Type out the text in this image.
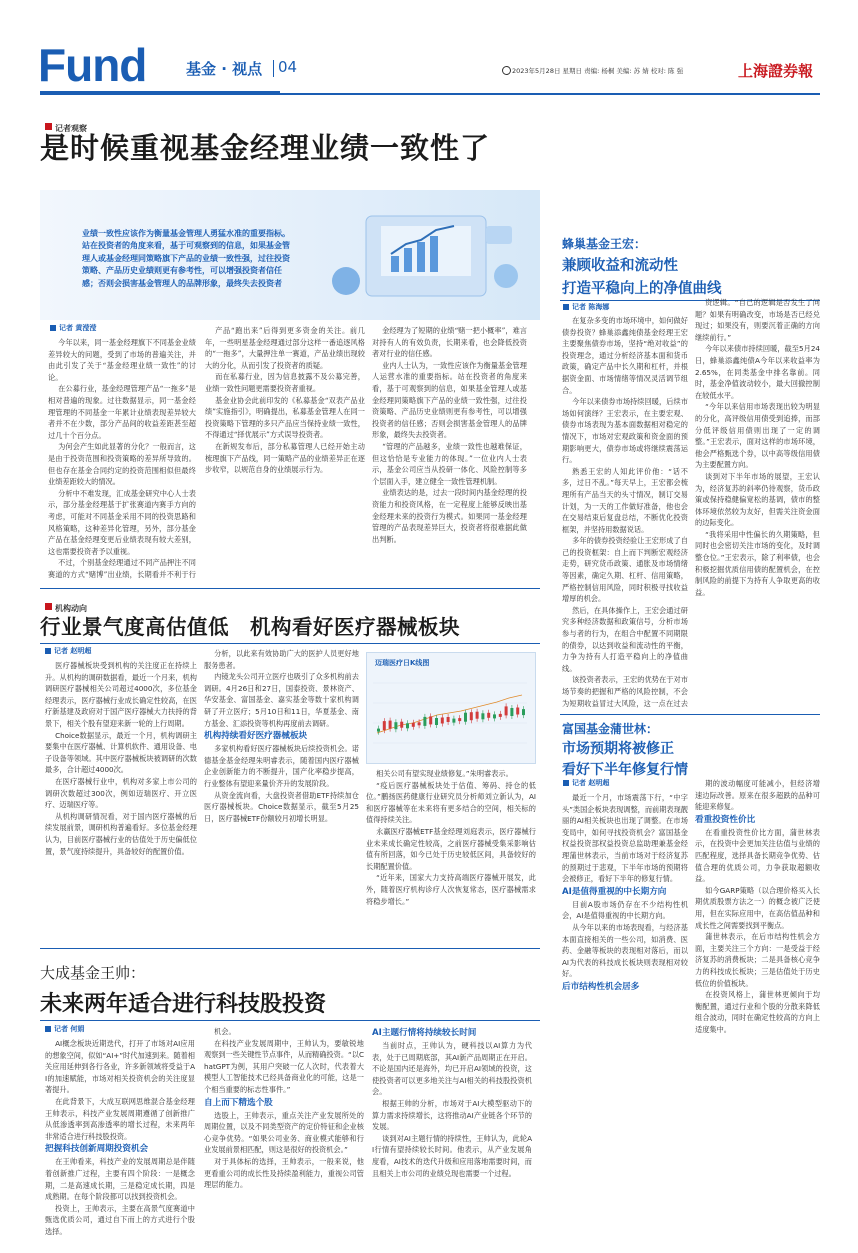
Fund	基金 · 视点 04	2023年5月28日 星期日 责编: 杨桐 美编: 苏 婧 校对: 陈 强	上海證券報
记者观察
是时候重视基金经理业绩一致性了
业绩一致性应该作为衡量基金管理人勇猛水准的重要指标。站在投资者的角度来看，基于可观察到的信息，如果基金管理人或基金经理同策略旗下产品的业绩一致性强，过往投资策略、产品历史业绩则更有参考性，可以增强投资者信任感；否则会损害基金管理人的品牌形象，最终失去投资者
记者 黄滢滢

今年以来，同一基金经理旗下不同基金业绩差异较大的问题，受到了市场的普遍关注，并由此引发了关于“基金经理业绩一致性”的讨论。

在公募行业，基金经理管理产品“一拖多”是相对普遍的现象。过往数据显示，同一基金经理管理的不同基金一年累计业绩表现差异较大者并不在少数，部分产品间的收益差距甚至超过几十个百分点。

为何会产生如此显著的分化？一般而言，这是由于投资范围和投资策略的差异所导致的。但也存在基金合同约定的投资范围相似但最终业绩差距较大的情况。

分析中不难发现，汇成基金研究中心人士表示，部分基金经理基于扩张赛道内赛手方向的考虑，可能对不同基金采用不同的投资思路和风格策略，这种差异化管理，另外，部分基金产品在基金经理变更后业绩表现有较大差别，这也需要投资者予以重视。

不过，个别基金经理通过不同产品押注不同赛道的方式“赌博”出业绩，长期看并不利于行

产品“跑出来”后得到更多资金的关注。前几年，一些明星基金经理通过部分这样一番追逐风格的“一拖多”，大量押注单一赛道，产品业绩出现较大的分化，从而引发了投资者的质疑。

而在私募行业，因为信息披露不及公募完善，业绩一致性问题更需要投资者重视。

基金业协会此前印发的《私募基金“双表产品业绩”实施指引》，明确提出，私募基金管理人在同一投资策略下管理的多只产品应当保持业绩一致性，不得通过“择优展示”方式误导投资者。

在新规发布后，部分私募管理人已经开始主动梳理旗下产品线，同一策略产品的业绩差异正在逐步收窄，以规范自身的业绩展示行为。

金经理为了短期的业绩“赌一把小概率”，难言对持有人的有效负责，长期来看，也会降低投资者对行业的信任感。

业内人士认为，一致性应该作为衡量基金管理人运营水准的重要指标。站在投资者的角度来看，基于可观察到的信息，如果基金管理人或基金经理同策略旗下产品的业绩一致性强，过往投资策略、产品历史业绩则更有参考性，可以增强投资者的信任感；否则会损害基金管理人的品牌形象，最终失去投资者。

“管理的产品越多，业绩一致性也越难保证，但这恰恰是专业能力的体现。”一位业内人士表示，基金公司应当从投研一体化、风险控制等多个层面入手，建立健全一致性管理机制。

业绩表达的是，过去一段时间内基金经理的投资能力和投资风格，在一定程度上能够反映出基金经理未来的投资行为模式。如果同一基金经理管理的产品表现差异巨大，投资者将很难据此做出判断。

蜂巢基金王宏：
兼顾收益和流动性
打造平稳向上的净值曲线
记者 陈海娜

在复杂多变的市场环境中，如何做好债券投资？蜂巢添鑫纯债基金经理王宏主要聚焦债券市场，坚持“绝对收益”的投资理念，通过分析经济基本面和货币政策，确定产品中长久期和杠杆，并根据资金面、市场情绪等情况灵活调节组合。

今年以来债券市场持续回暖，后续市场如何演绎？王宏表示，在主要宏观、债券市场表现为基本面数据相对稳定的情况下，市场对宏观政策和资金面的预期影响更大，债券市场或将继续震荡运行。

熟悉王宏的人知此评价他：“话不多，过日不乱。”每天早上，王宏都会梳理所有产品当天的头寸情况，制订交易计划，为一天的工作做好准备，他也会在交易结束后复盘总结，不断优化投资框架，并坚持用数据说话。

多年的债券投资经验让王宏形成了自己的投资框架：自上而下判断宏观经济走势，研究货币政策、通胀及市场情绪等因素，确定久期、杠杆、信用策略，严格控制信用风险，同时积极寻找收益增厚的机会。

然后，在具体操作上，王宏会通过研究多种经济数据和政策信号，分析市场参与者的行为，在组合中配置不同期限的债券，以达到收益和流动性的平衡，力争为持有人打造平稳向上的净值曲线。

该投资者表示，王宏的优势在于对市场节奏的把握和严格的风险控制，不会为短期收益冒过大风险，这一点在过去

资逻辑。“自己的逻辑是否发生了问题？如果有明确改变，市场是否已经兑现过；如果没有，则要沉着正确的方向继续前行。”

今年以来债市持续回暖，截至5月24日，蜂巢添鑫纯债A今年以来收益率为2.65%，在同类基金中排名靠前。同时，基金净值波动较小，最大回撤控制在较低水平。

“今年以来信用市场表现出较为明显的分化，高评级信用债受到追捧，而部分低评级信用债则出现了一定的调整。”王宏表示，面对这样的市场环境，他会严格甄选个券，以中高等级信用债为主要配置方向。

谈到对下半年市场的展望，王宏认为，经济复苏的斜率仍待观察，货币政策或保持稳健偏宽松的基调，债市的整体环境依然较为友好，但需关注资金面的边际变化。

“我将采用中性偏长的久期策略，但同时也会密切关注市场的变化，及时调整仓位。”王宏表示，除了利率债，也会积极挖掘优质信用债的配置机会，在控制风险的前提下为持有人争取更高的收益。

机构动向
行业景气度高估值低　机构看好医疗器械板块
记者 赵明超

医疗器械板块受到机构的关注度正在持续上升。从机构的调研数据看，最近一个月来，机构调研医疗器械相关公司超过4000次，多位基金经理表示，医疗器械行业成长确定性较高，在医疗新基建及政府对于国产医疗器械大力扶持的背景下，相关个股有望迎来新一轮的上行周期。

Choice数据显示，最近一个月，机构调研主要集中在医疗器械、计算机软件、通用设备、电子设备等领域。其中医疗器械板块被调研的次数最多，合计超过4000次。

在医疗器械行业中，机构对多家上市公司的调研次数超过300次，例如迈瑞医疗、开立医疗、迈瑞医疗等。

从机构调研情况看，对于国内医疗器械的后续发展前景，调研机构普遍看好。多位基金经理认为，目前医疗器械行业的估值处于历史偏低位置，景气度持续提升，具备较好的配置价值。

分析，以此来有效协助广大的医护人员更好地服务患者。

内镜龙头公司开立医疗也吸引了众多机构前去调研。4月26日和27日，国泰投资、景林资产、华安基金、富国基金、嘉实基金等数十家机构调研了开立医疗；5月10日和11日，华夏基金、南方基金、汇添投资等机构再度前去调研。

机构持续看好医疗器械板块

多家机构看好医疗器械板块后续投资机会。诺德基金基金经理朱明睿表示，随着国内医疗器械企业创新能力的不断提升，国产化率稳步提高，行业整体有望迎来量价齐升的发展阶段。

从资金流向看，大盘投资者借助ETF持续加仓医疗器械板块。Choice数据显示，截至5月25日，医疗器械ETF份额较月初增长明显。

迈瑞医疗日K线图

相关公司有望实现业绩修复。”朱明睿表示。

“疫后医疗器械板块处于估值、筹码、持仓的低位。”鹏扬医药健康行业研究员分析师刘立新认为，AI和医疗器械等在未来将有更多结合的空间，相关标的值得持续关注。

永赢医疗器械ETF基金经理刘庭表示，医疗器械行业未来成长确定性较高，之前医疗器械受集采影响估值有所回落，如今已处于历史较低区间，具备较好的长期配置价值。

“近年来，国家大力支持高端医疗器械开展发，此外，随着医疗机构诊疗人次恢复常态，医疗器械需求将稳步增长。”

富国基金蒲世林：
市场预期将被修正
看好下半年修复行情
记者 赵明超

最近一个月，市场震荡下行，“中字头”类国企板块表现调整，而前期表现靓丽的AI相关板块也出现了调整。在市场变局中，如何寻找投资机会？富国基金权益投资部权益投资总监助理兼基金经理蒲世林表示，当前市场对于经济复苏的预期过于悲观，下半年市场的预期将会被修正，看好下半年的修复行情。

AI是值得重视的中长期方向

目前A股市场仍存在不少结构性机会，AI是值得重视的中长期方向。

从今年以来的市场表现看，与经济基本面直接相关的一些公司，如消费、医药、金融等板块的表现相对落后，而以AI为代表的科技成长板块则表现相对较好。

后市结构性机会居多

期的波动幅度可能减小，但经济增速边际改善。原来在很多超跌的品种可能迎来修复。

看重投资性价比

在看重投资性价比方面，蒲世林表示，在投资中会更加关注估值与业绩的匹配程度，选择具备长期竞争优势、估值合理的优质公司，力争获取超额收益。

如今GARP策略（以合理价格买入长期优质股票方法之一）的概念被广泛使用，但在实际应用中，在高估值品种和成长性之间需要找到平衡点。

蒲世林表示，在后市结构性机会方面，主要关注三个方向：一是受益于经济复苏的消费板块；二是具备核心竞争力的科技成长板块；三是估值处于历史低位的价值板块。

在投资风格上，蒲世林更倾向于均衡配置，通过行业和个股的分散来降低组合波动，同时在确定性较高的方向上适度集中。

大成基金王帅：
未来两年适合进行科技股投资
记者 何娟

AI概念板块近期迭代，打开了市场对AI应用的想象空间，似如“AI+”时代加速到来。随着相关应用延伸到各行各业，许多新领域将受益于AI的加速赋能，市场对相关投资机会的关注度显著提升。

在此背景下，大成互联网思维混合基金经理王帅表示，科技产业发展周期遵循了创新推广从低渗透率到高渗透率的增长过程，未来两年非常适合进行科技股投资。

把握科技创新周期投资机会

在王帅看来，科技产业的发展周期总是伴随着创新推广过程，主要有四个阶段：一是概念期，二是高速成长期，三是稳定成长期，四是成熟期。在每个阶段都可以找到投资机会。

投资上，王帅表示，主要在高景气度赛道中甄选优质公司，通过自下而上的方式进行个股选择。

机会。

在科技产业发展周期中，王帅认为，要敏锐地观察到一些关键性节点事件，从而精确投资。“以ChatGPT为例，其用户突破一亿人次时，代表着大模型人工智能技术已经具备商业化的可能，这是一个相当重要的标志性事件。”

自上而下精选个股

选股上，王帅表示，重点关注产业发展所处的周期位置，以及不同类型资产的定价特征和企业核心竞争优势。“如果公司业务、商业模式能够和行业发展前景相匹配，则这是很好的投资机会。”

对于具体标的选择，王帅表示，一般来说，他更看重公司的成长性及持续盈利能力，重视公司管理层的能力。

AI主题行情将持续较长时间

当前时点，王帅认为，硬科技以AI算力为代表，处于已周期底部，其AI新产品周期正在开启。不论是国内还是海外，均已开启AI领域的投资，这使投资者可以更多地关注与AI相关的科技股投资机会。

根据王帅的分析，市场对于AI大模型驱动下的算力需求持续增长，这将推动AI产业链各个环节的发展。

谈到对AI主题行情的持续性，王帅认为，此轮AI行情有望持续较长时间。他表示，从产业发展角度看，AI技术的迭代升级和应用落地需要时间，而且相关上市公司的业绩兑现也需要一个过程。
